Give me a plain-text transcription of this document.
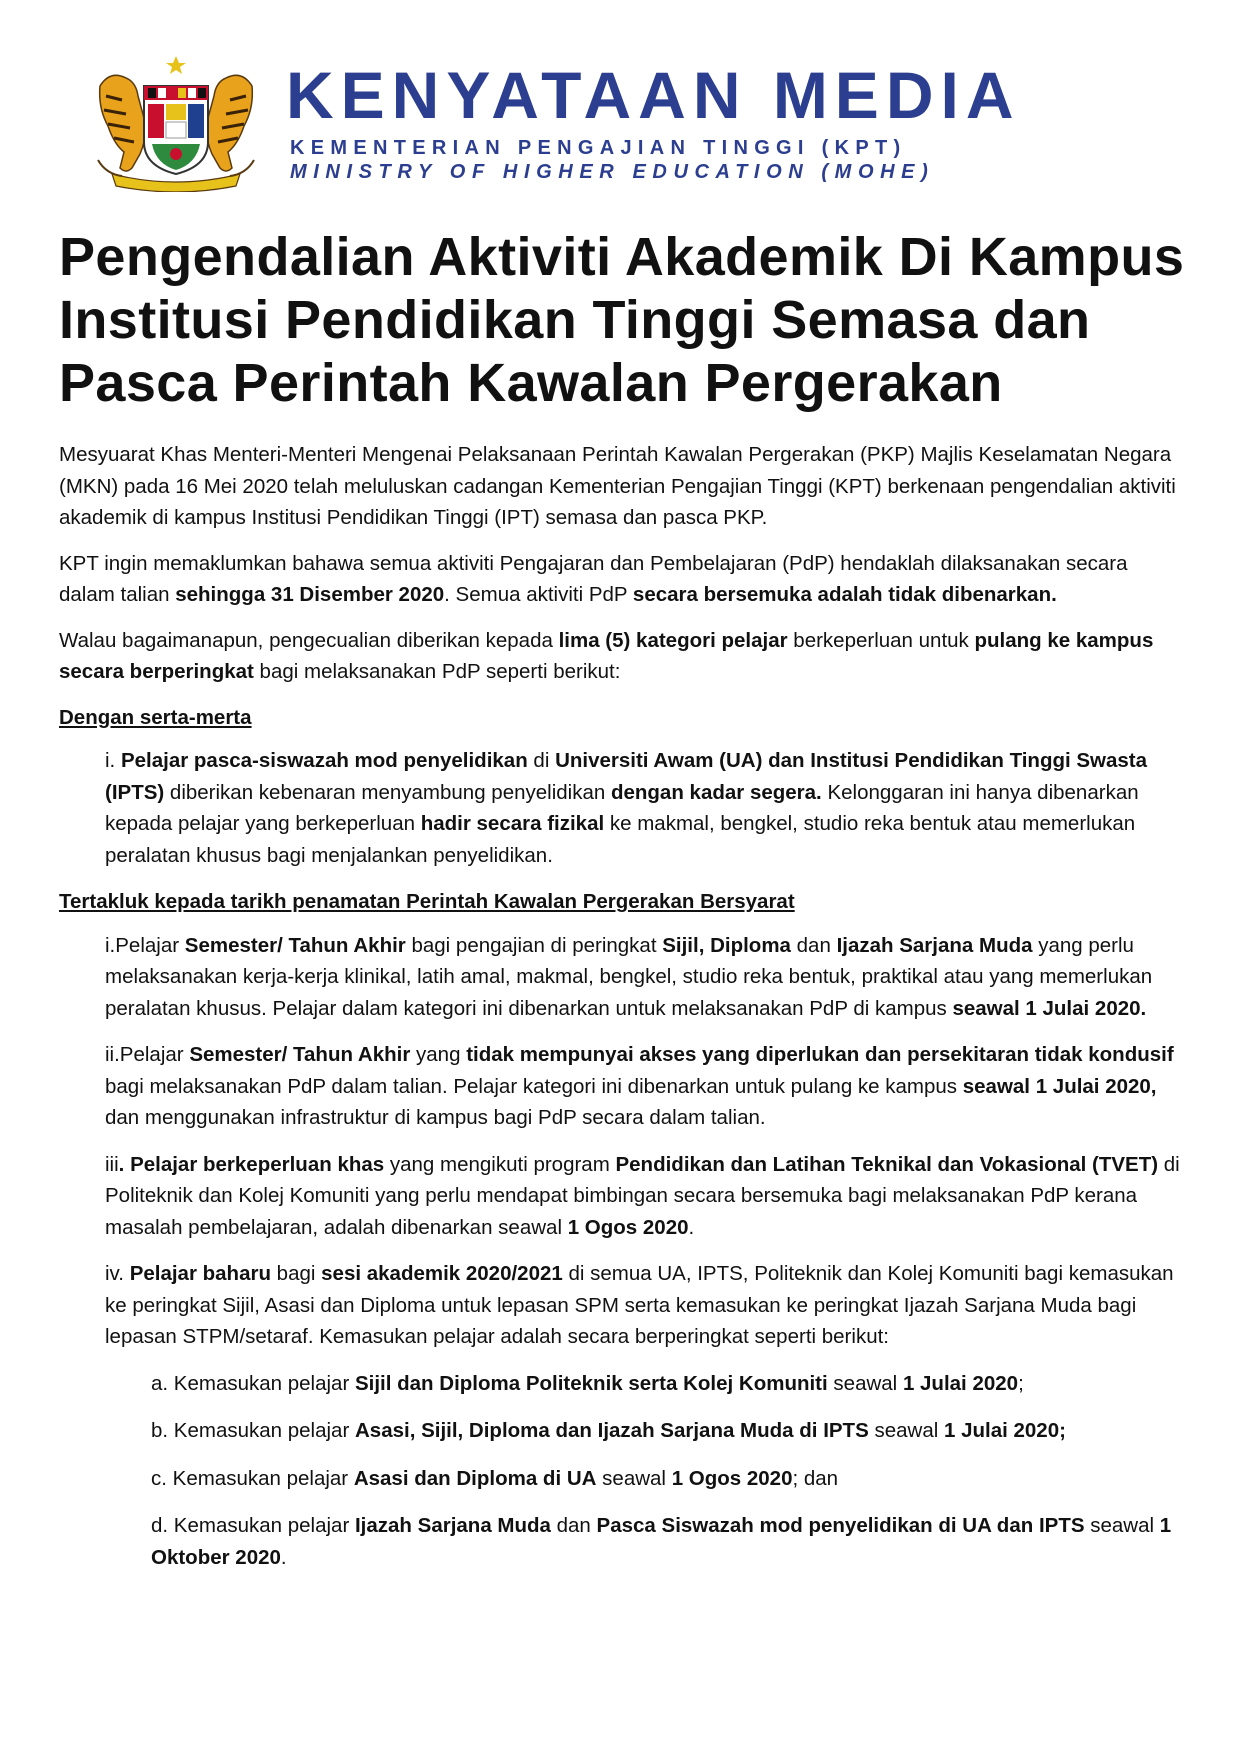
KENYATAAN MEDIA
KEMENTERIAN PENGAJIAN TINGGI (KPT)
MINISTRY OF HIGHER EDUCATION (MOHE)
Pengendalian Aktiviti Akademik Di Kampus Institusi Pendidikan Tinggi Semasa dan Pasca Perintah Kawalan Pergerakan

Mesyuarat Khas Menteri-Menteri Mengenai Pelaksanaan Perintah Kawalan Pergerakan (PKP) Majlis Keselamatan Negara (MKN) pada 16 Mei 2020 telah meluluskan cadangan Kementerian Pengajian Tinggi (KPT) berkenaan pengendalian aktiviti akademik di kampus Institusi Pendidikan Tinggi (IPT) semasa dan pasca PKP.

KPT ingin memaklumkan bahawa semua aktiviti Pengajaran dan Pembelajaran (PdP) hendaklah dilaksanakan secara dalam talian sehingga 31 Disember 2020. Semua aktiviti PdP secara bersemuka adalah tidak dibenarkan.

Walau bagaimanapun, pengecualian diberikan kepada lima (5) kategori pelajar berkeperluan untuk pulang ke kampus secara berperingkat bagi melaksanakan PdP seperti berikut:

Dengan serta-merta

i. Pelajar pasca-siswazah mod penyelidikan di Universiti Awam (UA) dan Institusi Pendidikan Tinggi Swasta (IPTS) diberikan kebenaran menyambung penyelidikan dengan kadar segera. Kelonggaran ini hanya dibenarkan kepada pelajar yang berkeperluan hadir secara fizikal ke makmal, bengkel, studio reka bentuk atau memerlukan peralatan khusus bagi menjalankan penyelidikan.

Tertakluk kepada tarikh penamatan Perintah Kawalan Pergerakan Bersyarat

i.Pelajar Semester/ Tahun Akhir bagi pengajian di peringkat Sijil, Diploma dan Ijazah Sarjana Muda yang perlu melaksanakan kerja-kerja klinikal, latih amal, makmal, bengkel, studio reka bentuk, praktikal atau yang memerlukan peralatan khusus. Pelajar dalam kategori ini dibenarkan untuk melaksanakan PdP di kampus seawal 1 Julai 2020.

ii.Pelajar Semester/ Tahun Akhir yang tidak mempunyai akses yang diperlukan dan persekitaran tidak kondusif bagi melaksanakan PdP dalam talian. Pelajar kategori ini dibenarkan untuk pulang ke kampus seawal 1 Julai 2020, dan menggunakan infrastruktur di kampus bagi PdP secara dalam talian.

iii. Pelajar berkeperluan khas yang mengikuti program Pendidikan dan Latihan Teknikal dan Vokasional (TVET) di Politeknik dan Kolej Komuniti yang perlu mendapat bimbingan secara bersemuka bagi melaksanakan PdP kerana masalah pembelajaran, adalah dibenarkan seawal 1 Ogos 2020.

iv. Pelajar baharu bagi sesi akademik 2020/2021 di semua UA, IPTS, Politeknik dan Kolej Komuniti bagi kemasukan ke peringkat Sijil, Asasi dan Diploma untuk lepasan SPM serta kemasukan ke peringkat Ijazah Sarjana Muda bagi lepasan STPM/setaraf. Kemasukan pelajar adalah secara berperingkat seperti berikut:

a. Kemasukan pelajar Sijil dan Diploma Politeknik serta Kolej Komuniti seawal 1 Julai 2020;

b. Kemasukan pelajar Asasi, Sijil, Diploma dan Ijazah Sarjana Muda di IPTS seawal 1 Julai 2020;

c. Kemasukan pelajar Asasi dan Diploma di UA seawal 1 Ogos 2020; dan

d. Kemasukan pelajar Ijazah Sarjana Muda dan Pasca Siswazah mod penyelidikan di UA dan IPTS seawal 1 Oktober 2020.
